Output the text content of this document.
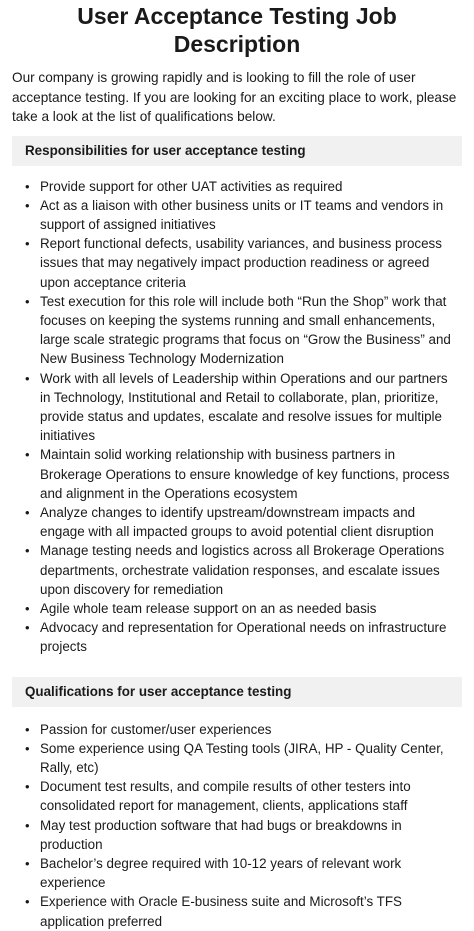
User Acceptance Testing Job Description

Our company is growing rapidly and is looking to fill the role of user acceptance testing. If you are looking for an exciting place to work, please take a look at the list of qualifications below.

Responsibilities for user acceptance testing
• Provide support for other UAT activities as required
• Act as a liaison with other business units or IT teams and vendors in support of assigned initiatives
• Report functional defects, usability variances, and business process issues that may negatively impact production readiness or agreed upon acceptance criteria
• Test execution for this role will include both “Run the Shop” work that focuses on keeping the systems running and small enhancements, large scale strategic programs that focus on “Grow the Business” and New Business Technology Modernization
• Work with all levels of Leadership within Operations and our partners in Technology, Institutional and Retail to collaborate, plan, prioritize, provide status and updates, escalate and resolve issues for multiple initiatives
• Maintain solid working relationship with business partners in Brokerage Operations to ensure knowledge of key functions, process and alignment in the Operations ecosystem
• Analyze changes to identify upstream/downstream impacts and engage with all impacted groups to avoid potential client disruption
• Manage testing needs and logistics across all Brokerage Operations departments, orchestrate validation responses, and escalate issues upon discovery for remediation
• Agile whole team release support on an as needed basis
• Advocacy and representation for Operational needs on infrastructure projects
Qualifications for user acceptance testing
• Passion for customer/user experiences
• Some experience using QA Testing tools (JIRA, HP - Quality Center, Rally, etc)
• Document test results, and compile results of other testers into consolidated report for management, clients, applications staff
• May test production software that had bugs or breakdowns in production
• Bachelor’s degree required with 10-12 years of relevant work experience
• Experience with Oracle E-business suite and Microsoft’s TFS application preferred
